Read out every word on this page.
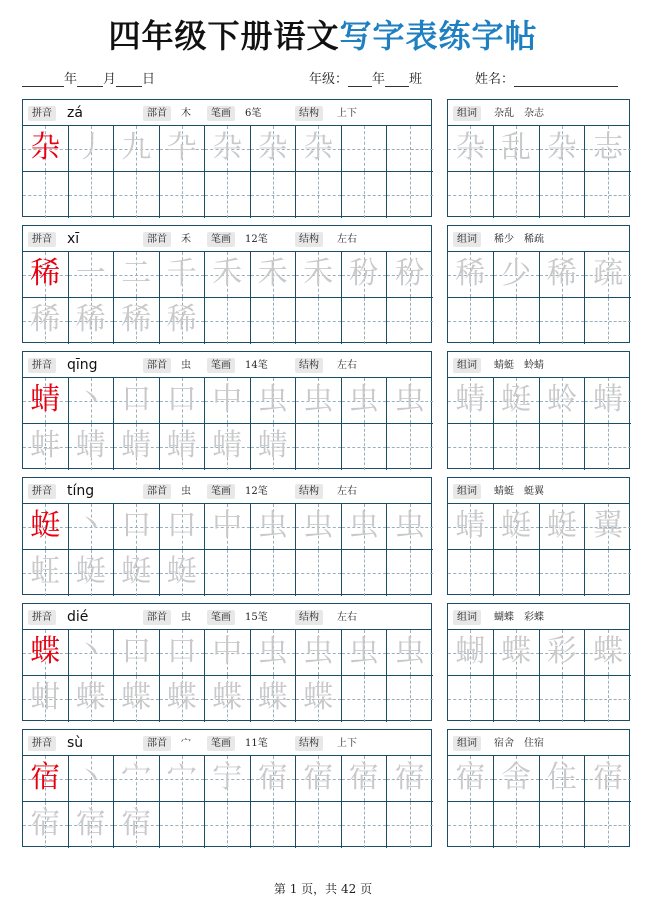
四年级下册语文写字表练字帖
年 月 日	年级： 年 班	姓名：
拼音 zá	部首	木	笔画	6笔	结构	上下
杂 丿 九 卆 杂 杂 杂
组词	杂乱　杂志
杂 乱 杂 志
拼音 xī	部首	禾	笔画	12笔	结构	左右
稀 一 二 千 禾 禾 禾 秎 秎
稀 稀 稀 稀
组词	稀少　稀疏
稀 少 稀 疏
拼音 qīng	部首	虫	笔画	14笔	结构	左右
蜻 丶 口 口 中 虫 虫 虫 虫
蚌 蜻 蜻 蜻 蜻 蜻
组词	蜻蜓　蛉蜻
蜻 蜓 蛉 蜻
拼音 tíng	部首	虫	笔画	12笔	结构	左右
蜓 丶 口 口 中 虫 虫 虫 虫
蚟 蜓 蜓 蜓
组词	蜻蜓　蜓翼
蜻 蜓 蜓 翼
拼音 dié	部首	虫	笔画	15笔	结构	左右
蝶 丶 口 口 中 虫 虫 虫 虫
蚶 蝶 蝶 蝶 蝶 蝶 蝶
组词	蝴蝶　彩蝶
蝴 蝶 彩 蝶
拼音 sù	部首	宀	笔画	11笔	结构	上下
宿 丶 宀 宀 宁 宿 宿 宿 宿
宿 宿 宿
组词	宿舍　住宿
宿 舍 住 宿
第 1 页，共 42 页
